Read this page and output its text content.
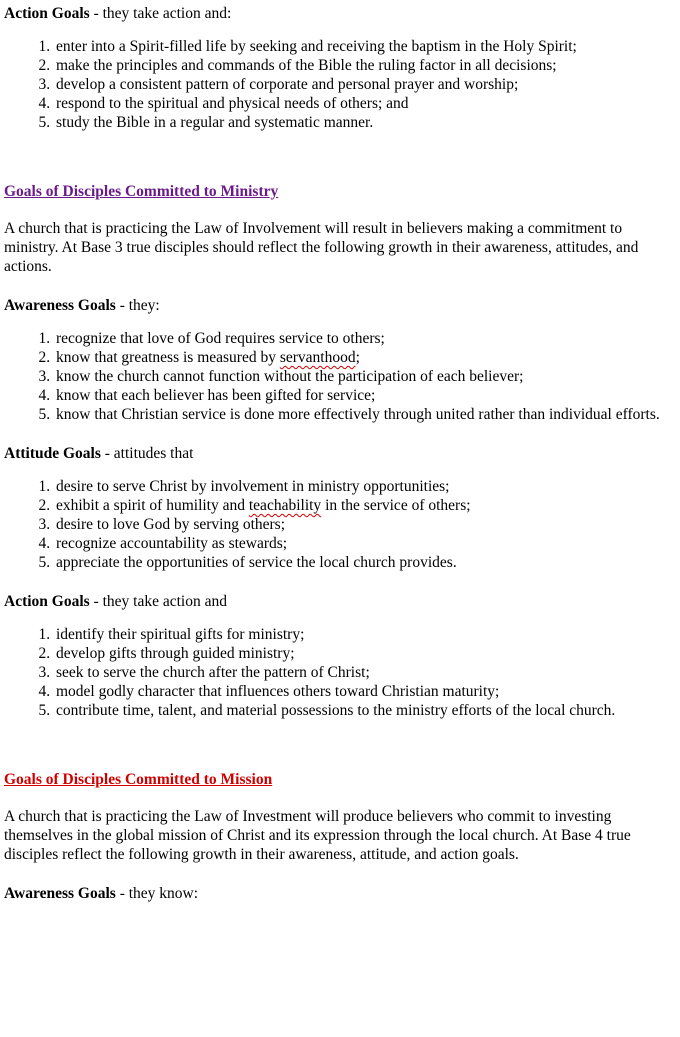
Action Goals - they take action and:

1. enter into a Spirit-filled life by seeking and receiving the baptism in the Holy Spirit;
2. make the principles and commands of the Bible the ruling factor in all decisions;
3. develop a consistent pattern of corporate and personal prayer and worship;
4. respond to the spiritual and physical needs of others; and
5. study the Bible in a regular and systematic manner.

Goals of Disciples Committed to Ministry

A church that is practicing the Law of Involvement will result in believers making a commitment to ministry. At Base 3 true disciples should reflect the following growth in their awareness, attitudes, and actions.

Awareness Goals - they:

1. recognize that love of God requires service to others;
2. know that greatness is measured by servanthood;
3. know the church cannot function without the participation of each believer;
4. know that each believer has been gifted for service;
5. know that Christian service is done more effectively through united rather than individual efforts.

Attitude Goals - attitudes that

1. desire to serve Christ by involvement in ministry opportunities;
2. exhibit a spirit of humility and teachability in the service of others;
3. desire to love God by serving others;
4. recognize accountability as stewards;
5. appreciate the opportunities of service the local church provides.

Action Goals - they take action and

1. identify their spiritual gifts for ministry;
2. develop gifts through guided ministry;
3. seek to serve the church after the pattern of Christ;
4. model godly character that influences others toward Christian maturity;
5. contribute time, talent, and material possessions to the ministry efforts of the local church.

Goals of Disciples Committed to Mission

A church that is practicing the Law of Investment will produce believers who commit to investing themselves in the global mission of Christ and its expression through the local church. At Base 4 true disciples reflect the following growth in their awareness, attitude, and action goals.

Awareness Goals - they know:
